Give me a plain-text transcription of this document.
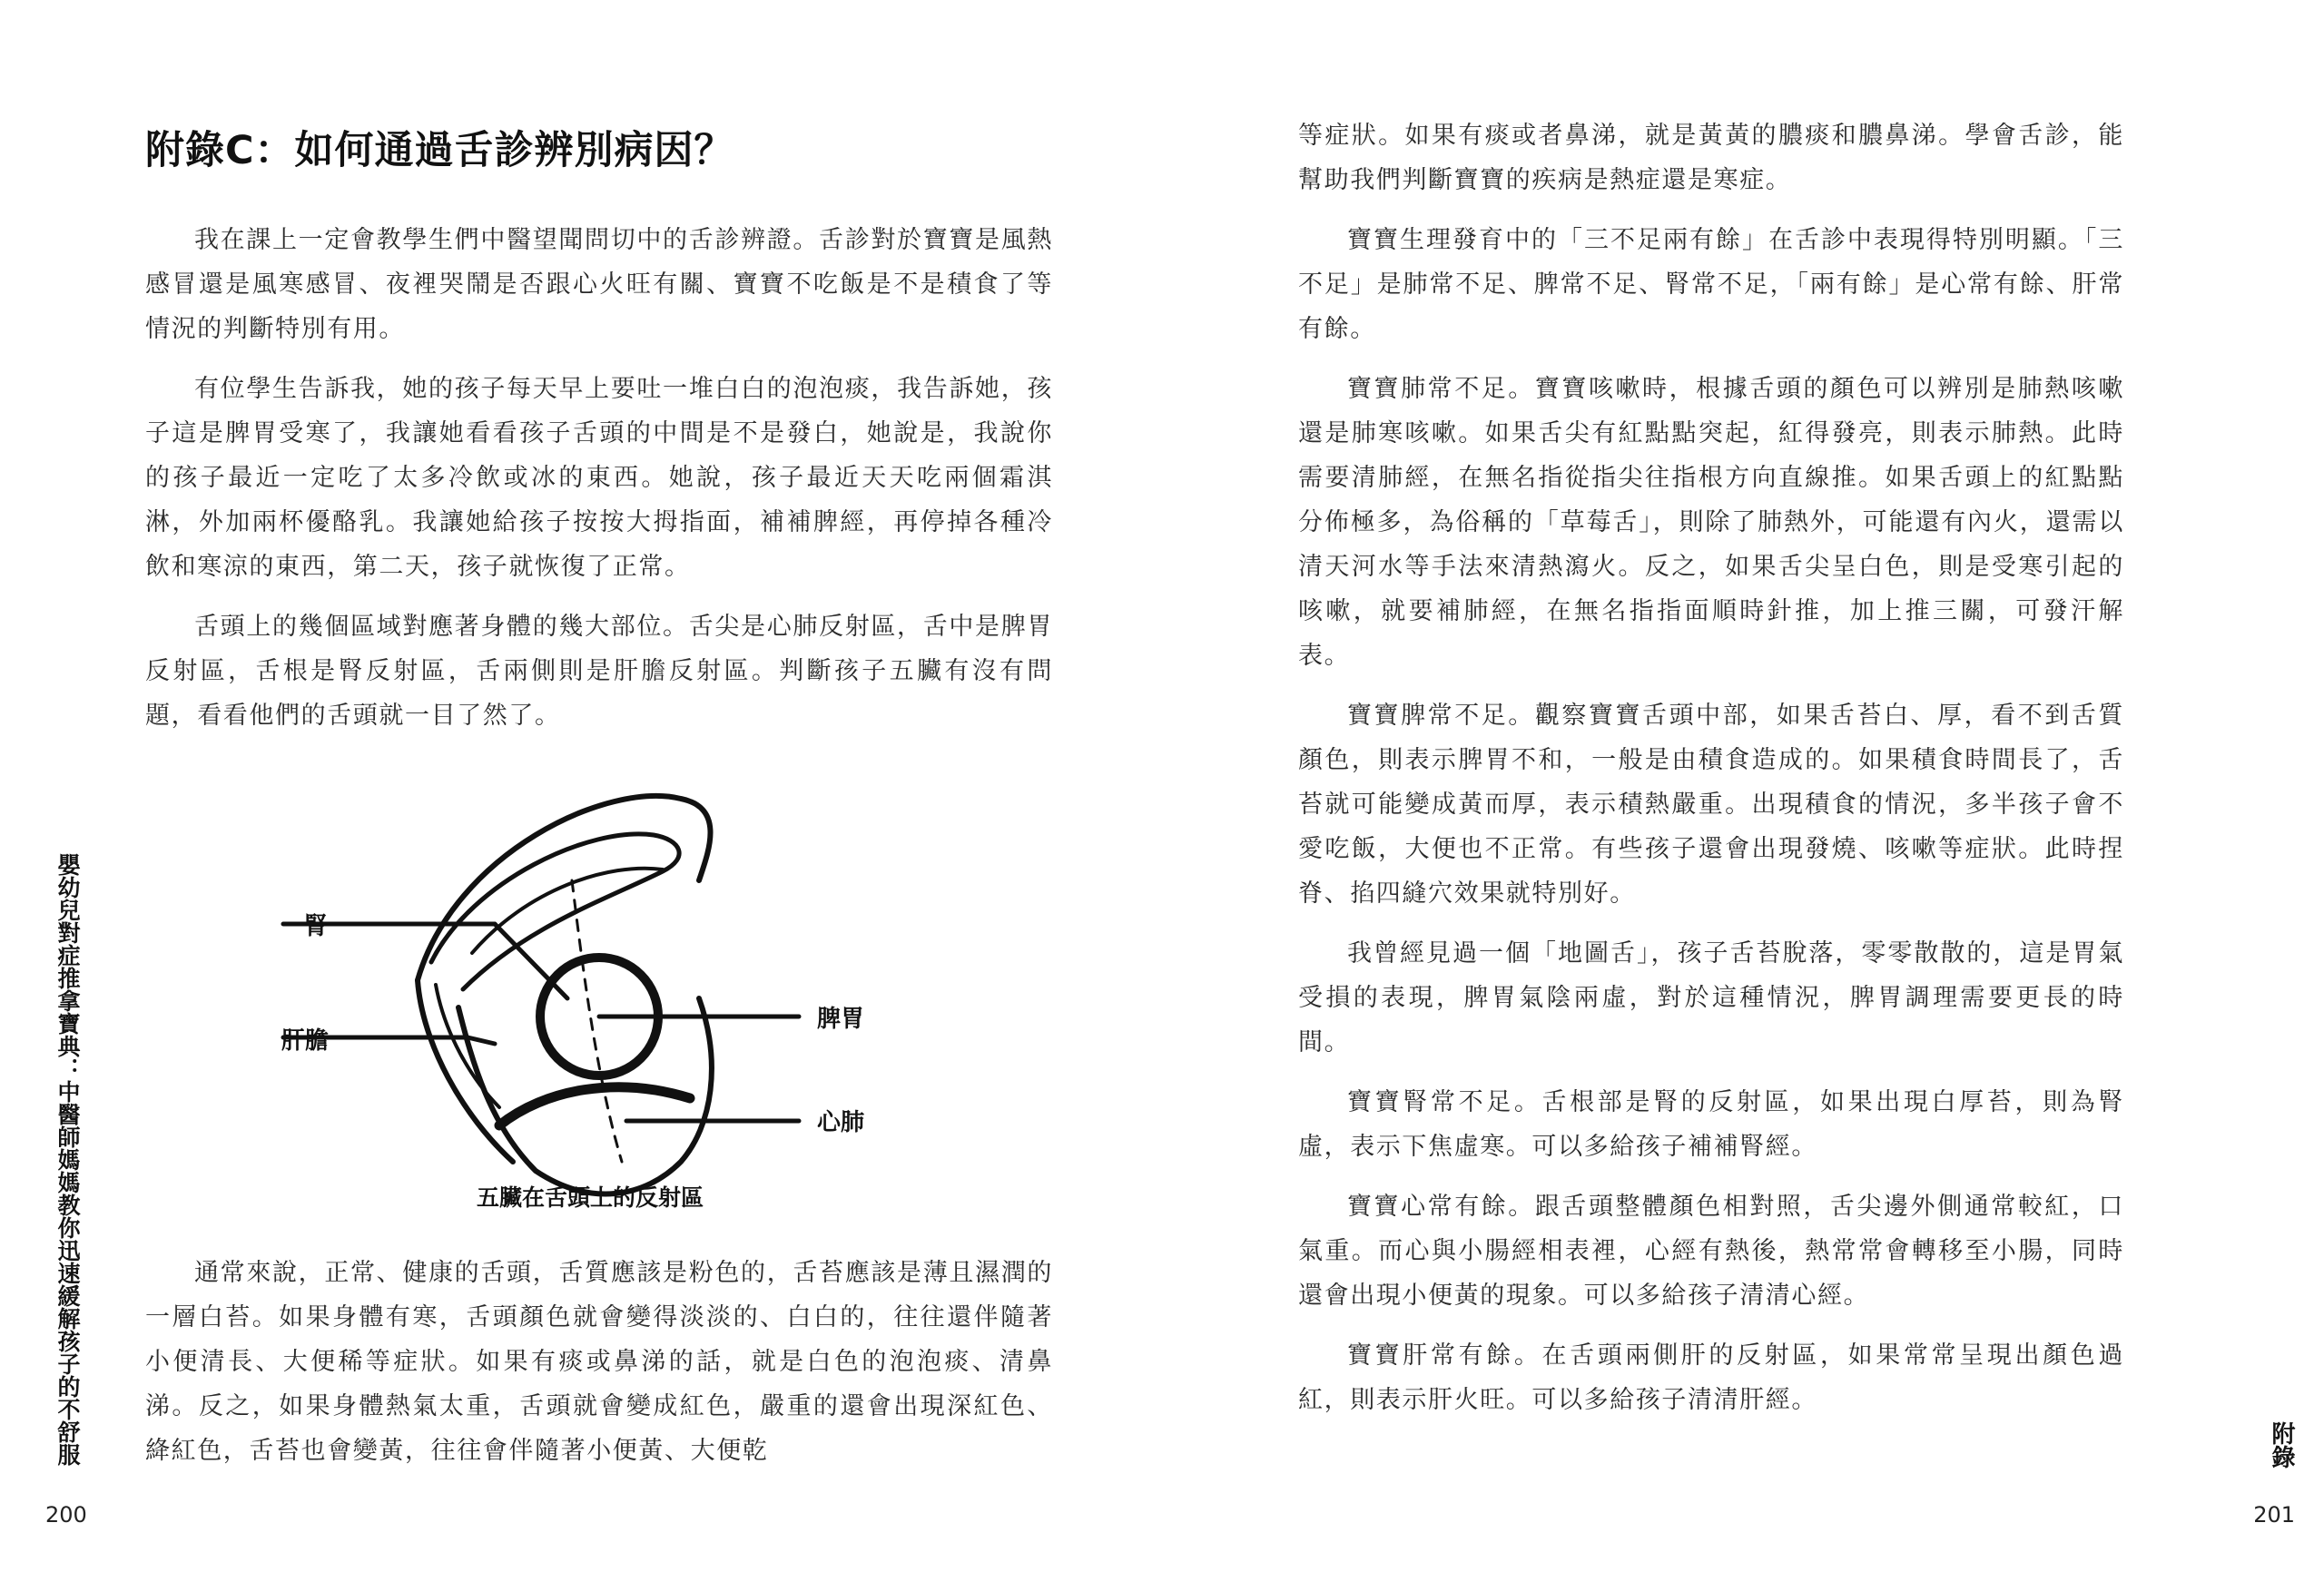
附錄C：如何通過舌診辨別病因？

我在課上一定會教學生們中醫望聞問切中的舌診辨證。舌診對於寶寶是風熱感冒還是風寒感冒、夜裡哭鬧是否跟心火旺有關、寶寶不吃飯是不是積食了等情況的判斷特別有用。

有位學生告訴我，她的孩子每天早上要吐一堆白白的泡泡痰，我告訴她，孩子這是脾胃受寒了，我讓她看看孩子舌頭的中間是不是發白，她說是，我說你的孩子最近一定吃了太多冷飲或冰的東西。她說，孩子最近天天吃兩個霜淇淋，外加兩杯優酪乳。我讓她給孩子按按大拇指面，補補脾經，再停掉各種冷飲和寒涼的東西，第二天，孩子就恢復了正常。

舌頭上的幾個區域對應著身體的幾大部位。舌尖是心肺反射區，舌中是脾胃反射區，舌根是腎反射區，舌兩側則是肝膽反射區。判斷孩子五臟有沒有問題，看看他們的舌頭就一目了然了。

腎
肝膽
脾胃
心肺
五臟在舌頭上的反射區

通常來說，正常、健康的舌頭，舌質應該是粉色的，舌苔應該是薄且濕潤的一層白苔。如果身體有寒，舌頭顏色就會變得淡淡的、白白的，往往還伴隨著小便清長、大便稀等症狀。如果有痰或鼻涕的話，就是白色的泡泡痰、清鼻涕。反之，如果身體熱氣太重，舌頭就會變成紅色，嚴重的還會出現深紅色、絳紅色，舌苔也會變黃，往往會伴隨著小便黃、大便乾

嬰幼兒對症推拿寶典：中醫師媽媽教你迅速緩解孩子的不舒服
200

等症狀。如果有痰或者鼻涕，就是黃黃的膿痰和膿鼻涕。學會舌診，能幫助我們判斷寶寶的疾病是熱症還是寒症。

寶寶生理發育中的「三不足兩有餘」在舌診中表現得特別明顯。「三不足」是肺常不足、脾常不足、腎常不足，「兩有餘」是心常有餘、肝常有餘。

寶寶肺常不足。寶寶咳嗽時，根據舌頭的顏色可以辨別是肺熱咳嗽還是肺寒咳嗽。如果舌尖有紅點點突起，紅得發亮，則表示肺熱。此時需要清肺經，在無名指從指尖往指根方向直線推。如果舌頭上的紅點點分佈極多，為俗稱的「草莓舌」，則除了肺熱外，可能還有內火，還需以清天河水等手法來清熱瀉火。反之，如果舌尖呈白色，則是受寒引起的咳嗽，就要補肺經，在無名指指面順時針推，加上推三關，可發汗解表。

寶寶脾常不足。觀察寶寶舌頭中部，如果舌苔白、厚，看不到舌質顏色，則表示脾胃不和，一般是由積食造成的。如果積食時間長了，舌苔就可能變成黃而厚，表示積熱嚴重。出現積食的情況，多半孩子會不愛吃飯，大便也不正常。有些孩子還會出現發燒、咳嗽等症狀。此時捏脊、掐四縫穴效果就特別好。

我曾經見過一個「地圖舌」，孩子舌苔脫落，零零散散的，這是胃氣受損的表現，脾胃氣陰兩虛，對於這種情況，脾胃調理需要更長的時間。

寶寶腎常不足。舌根部是腎的反射區，如果出現白厚苔，則為腎虛，表示下焦虛寒。可以多給孩子補補腎經。

寶寶心常有餘。跟舌頭整體顏色相對照，舌尖邊外側通常較紅，口氣重。而心與小腸經相表裡，心經有熱後，熱常常會轉移至小腸，同時還會出現小便黃的現象。可以多給孩子清清心經。

寶寶肝常有餘。在舌頭兩側肝的反射區，如果常常呈現出顏色過紅，則表示肝火旺。可以多給孩子清清肝經。

附錄
201
